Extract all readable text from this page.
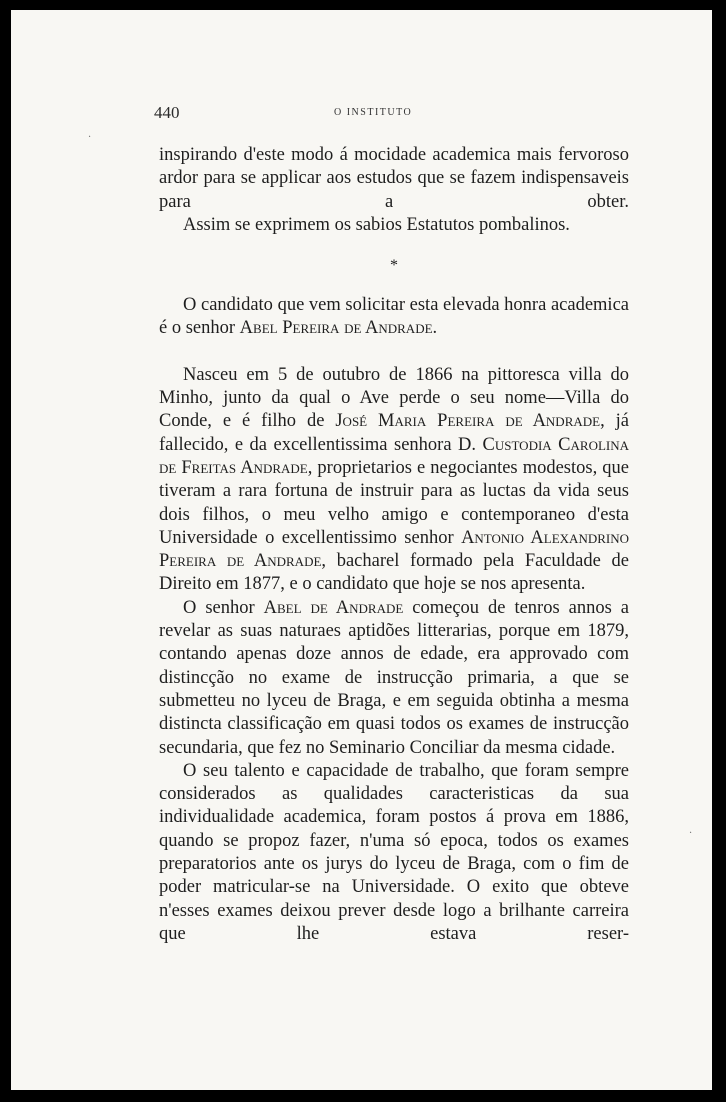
440	O INSTITUTO

inspirando d'este modo á mocidade academica mais fervoroso ardor para se applicar aos estudos que se fazem indispensaveis para a obter.

Assim se exprimem os sabios Estatutos pombalinos.

*

O candidato que vem solicitar esta elevada honra academica é o senhor Abel Pereira de Andrade.

Nasceu em 5 de outubro de 1866 na pittoresca villa do Minho, junto da qual o Ave perde o seu nome—Villa do Conde, e é filho de José Maria Pereira de Andrade, já fallecido, e da excellentissima senhora D. Custodia Carolina de Freitas Andrade, proprietarios e negociantes modestos, que tiveram a rara fortuna de instruir para as luctas da vida seus dois filhos, o meu velho amigo e contemporaneo d'esta Universidade o excellentissimo senhor Antonio Alexandrino Pereira de Andrade, bacharel formado pela Faculdade de Direito em 1877, e o candidato que hoje se nos apresenta.

O senhor Abel de Andrade começou de tenros annos a revelar as suas naturaes aptidões litterarias, porque em 1879, contando apenas doze annos de edade, era approvado com distincção no exame de instrucção primaria, a que se submetteu no lyceu de Braga, e em seguida obtinha a mesma distincta classificação em quasi todos os exames de instrucção secundaria, que fez no Seminario Conciliar da mesma cidade.

O seu talento e capacidade de trabalho, que foram sempre considerados as qualidades caracteristicas da sua individualidade academica, foram postos á prova em 1886, quando se propoz fazer, n'uma só epoca, todos os exames preparatorios ante os jurys do lyceu de Braga, com o fim de poder matricular-se na Universidade. O exito que obteve n'esses exames deixou prever desde logo a brilhante carreira que lhe estava reser-

·
·
